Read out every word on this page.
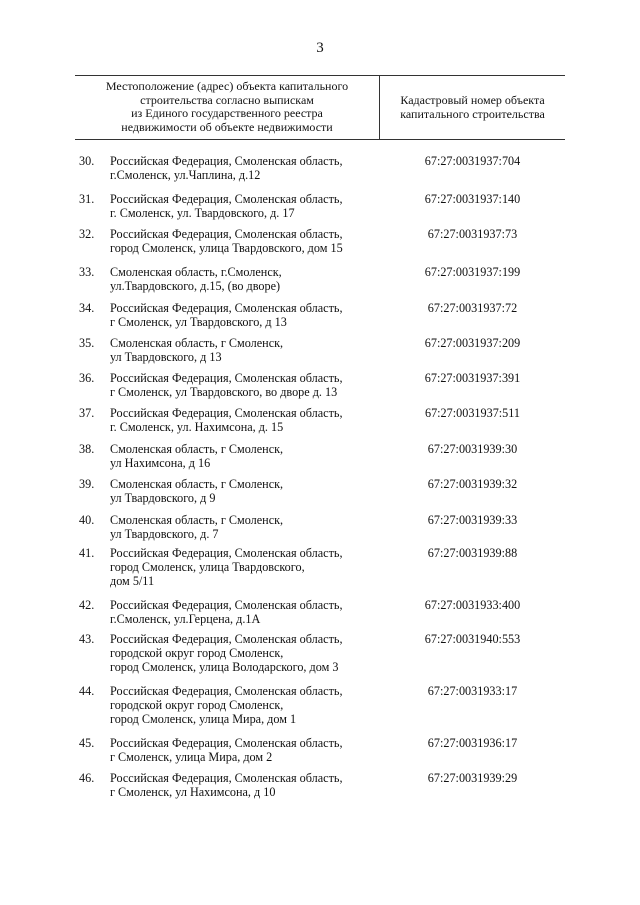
3
Местоположение (адрес) объекта капитального
строительства согласно выпискам
из Единого государственного реестра
недвижимости об объекте недвижимости
Кадастровый номер объекта
капитального строительства
30.	Российская Федерация, Смоленская область,
г.Смоленск, ул.Чаплина, д.12
67:27:0031937:704
31.	Российская Федерация, Смоленская область,
г. Смоленск, ул. Твардовского, д. 17
67:27:0031937:140
32.	Российская Федерация, Смоленская область,
город Смоленск, улица Твардовского, дом 15
67:27:0031937:73
33.	Смоленская область, г.Смоленск,
ул.Твардовского, д.15, (во дворе)
67:27:0031937:199
34.	Российская Федерация, Смоленская область,
г Смоленск, ул Твардовского, д 13
67:27:0031937:72
35.	Смоленская область, г Смоленск,
ул Твардовского, д 13
67:27:0031937:209
36.	Российская Федерация, Смоленская область,
г Смоленск, ул Твардовского, во дворе д. 13
67:27:0031937:391
37.	Российская Федерация, Смоленская область,
г. Смоленск, ул. Нахимсона, д. 15
67:27:0031937:511
38.	Смоленская область, г Смоленск,
ул Нахимсона, д 16
67:27:0031939:30
39.	Смоленская область, г Смоленск,
ул Твардовского, д 9
67:27:0031939:32
40.	Смоленская область, г Смоленск,
ул Твардовского, д. 7
67:27:0031939:33
41.	Российская Федерация, Смоленская область,
город Смоленск, улица Твардовского,
дом 5/11
67:27:0031939:88
42.	Российская Федерация, Смоленская область,
г.Смоленск, ул.Герцена, д.1А
67:27:0031933:400
43.	Российская Федерация, Смоленская область,
городской округ город Смоленск,
город Смоленск, улица Володарского, дом 3
67:27:0031940:553
44.	Российская Федерация, Смоленская область,
городской округ город Смоленск,
город Смоленск, улица Мира, дом 1
67:27:0031933:17
45.	Российская Федерация, Смоленская область,
г Смоленск, улица Мира, дом 2
67:27:0031936:17
46.	Российская Федерация, Смоленская область,
г Смоленск, ул Нахимсона, д 10
67:27:0031939:29
